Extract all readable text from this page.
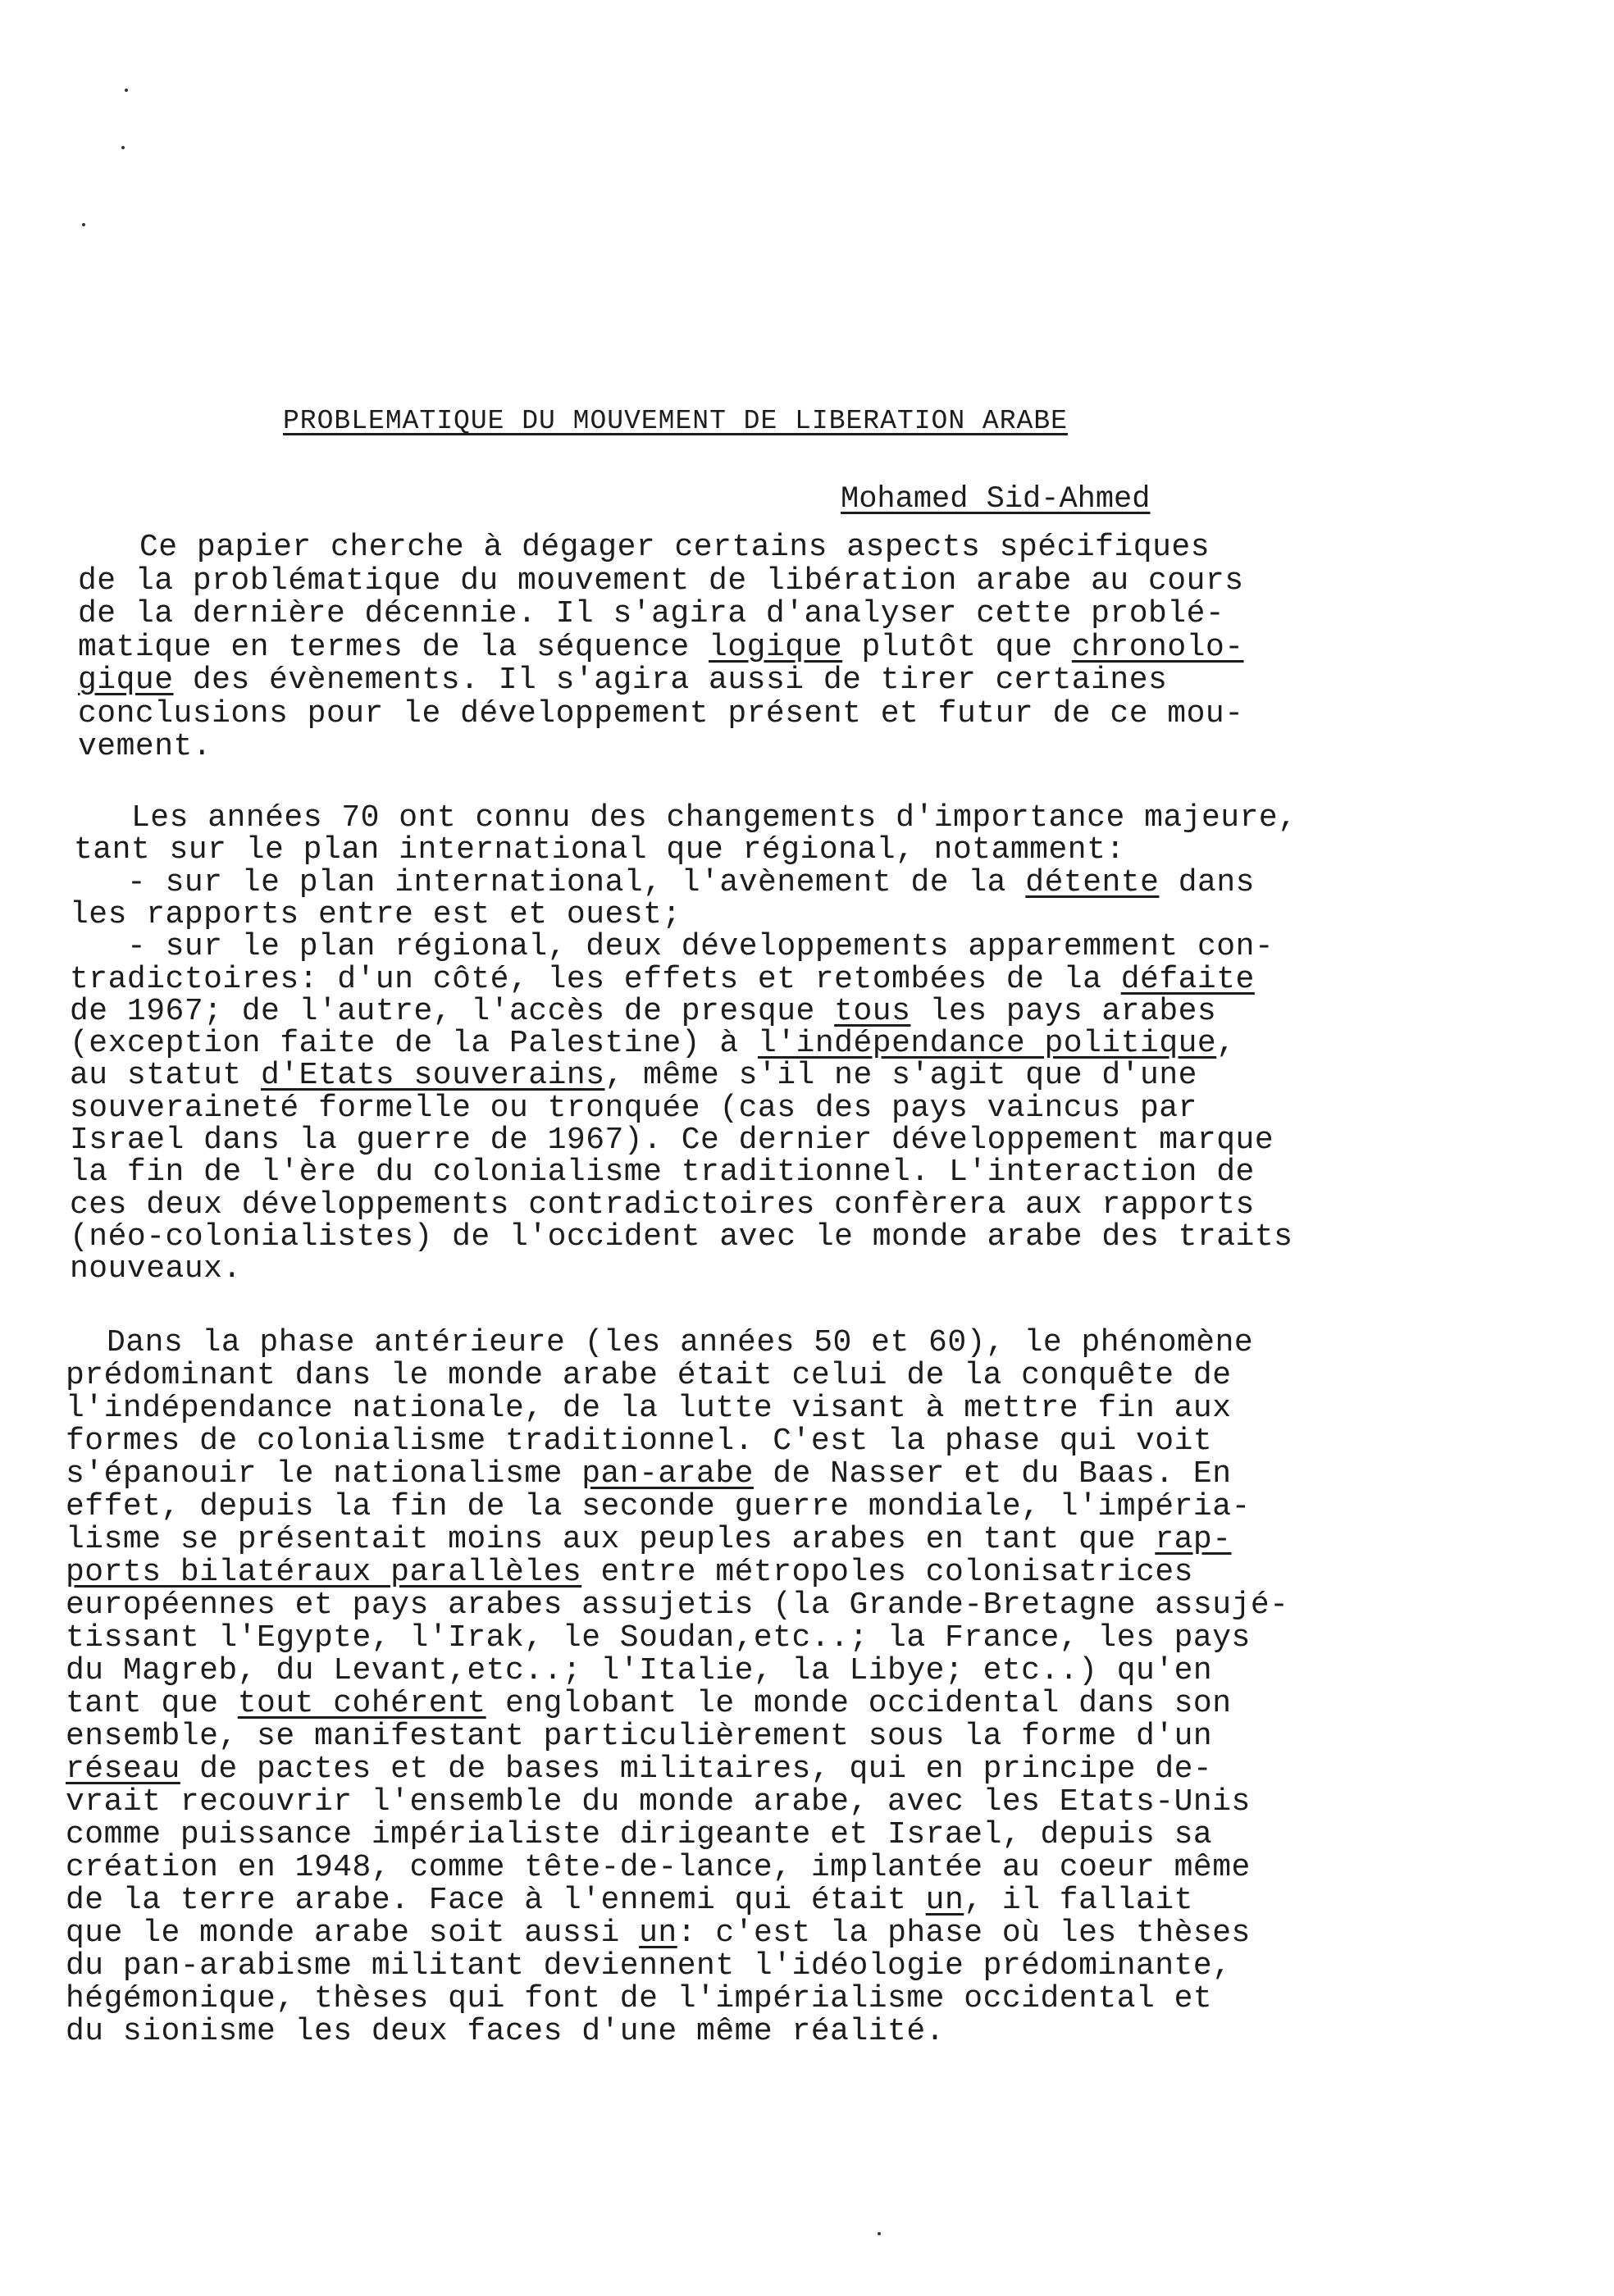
PROBLEMATIQUE DU MOUVEMENT DE LIBERATION ARABE
Mohamed Sid-Ahmed
Ce papier cherche à dégager certains aspects spécifiques
de la problématique du mouvement de libération arabe au cours
de la dernière décennie. Il s'agira d'analyser cette problé-
matique en termes de la séquence logique plutôt que chronolo-
gique des évènements. Il s'agira aussi de tirer certaines
conclusions pour le développement présent et futur de ce mou-
vement.
Les années 70 ont connu des changements d'importance majeure,
tant sur le plan international que régional, notamment:
- sur le plan international, l'avènement de la détente dans
les rapports entre est et ouest;
- sur le plan régional, deux développements apparemment con-
tradictoires: d'un côté, les effets et retombées de la défaite
de 1967; de l'autre, l'accès de presque tous les pays arabes
(exception faite de la Palestine) à l'indépendance politique,
au statut d'Etats souverains, même s'il ne s'agit que d'une
souveraineté formelle ou tronquée (cas des pays vaincus par
Israel dans la guerre de 1967). Ce dernier développement marque
la fin de l'ère du colonialisme traditionnel. L'interaction de
ces deux développements contradictoires confèrera aux rapports
(néo-colonialistes) de l'occident avec le monde arabe des traits
nouveaux.
Dans la phase antérieure (les années 50 et 60), le phénomène
prédominant dans le monde arabe était celui de la conquête de
l'indépendance nationale, de la lutte visant à mettre fin aux
formes de colonialisme traditionnel. C'est la phase qui voit
s'épanouir le nationalisme pan-arabe de Nasser et du Baas. En
effet, depuis la fin de la seconde guerre mondiale, l'impéria-
lisme se présentait moins aux peuples arabes en tant que rap-
ports bilatéraux parallèles entre métropoles colonisatrices
européennes et pays arabes assujetis (la Grande-Bretagne assujé-
tissant l'Egypte, l'Irak, le Soudan,etc..; la France, les pays
du Magreb, du Levant,etc..; l'Italie, la Libye; etc..) qu'en
tant que tout cohérent englobant le monde occidental dans son
ensemble, se manifestant particulièrement sous la forme d'un
réseau de pactes et de bases militaires, qui en principe de-
vrait recouvrir l'ensemble du monde arabe, avec les Etats-Unis
comme puissance impérialiste dirigeante et Israel, depuis sa
création en 1948, comme tête-de-lance, implantée au coeur même
de la terre arabe. Face à l'ennemi qui était un, il fallait
que le monde arabe soit aussi un: c'est la phase où les thèses
du pan-arabisme militant deviennent l'idéologie prédominante,
hégémonique, thèses qui font de l'impérialisme occidental et
du sionisme les deux faces d'une même réalité.
